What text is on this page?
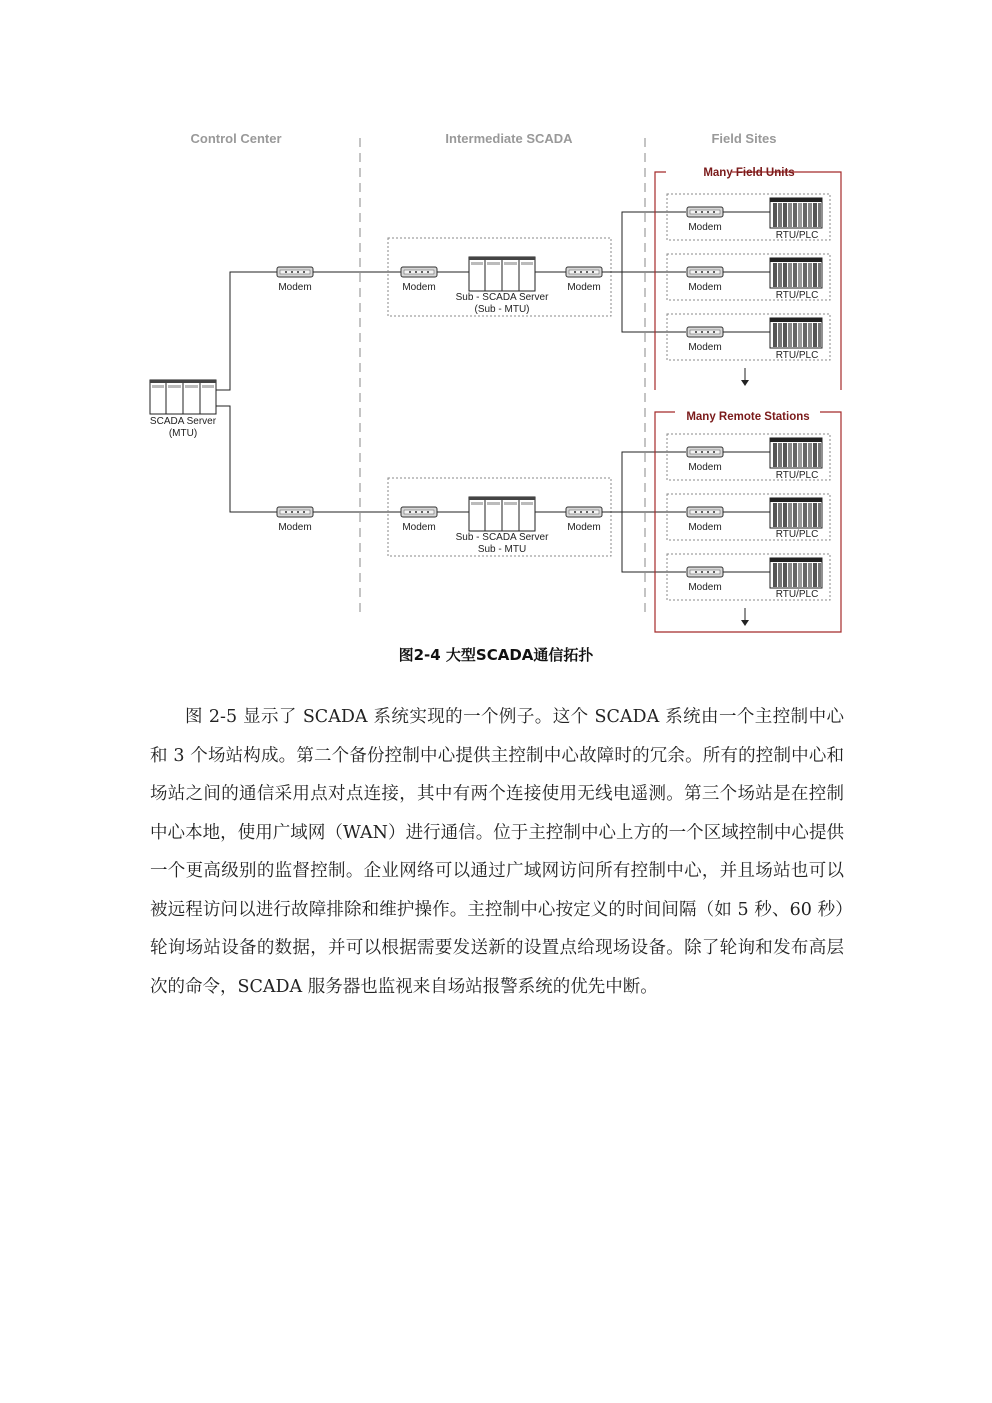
Control Center	Intermediate SCADA	Field Sites
SCADA Server
(MTU)
Modem	Modem
Sub - SCADA Server
(Sub - MTU)
Modem
Modem	Modem
Sub - SCADA Server
Sub - MTU
Modem
Many Field Units
Many Remote Stations
Modem
RTU/PLC
Modem
RTU/PLC
Modem
RTU/PLC
Modem
RTU/PLC
Modem
RTU/PLC
Modem
RTU/PLC
图2-4 大型SCADA通信拓扑

图 2-5 显示了 SCADA 系统实现的一个例子。这个 SCADA 系统由一个主控制中心和 3 个场站构成。第二个备份控制中心提供主控制中心故障时的冗余。所有的控制中心和场站之间的通信采用点对点连接，其中有两个连接使用无线电遥测。第三个场站是在控制中心本地，使用广域网（WAN）进行通信。位于主控制中心上方的一个区域控制中心提供一个更高级别的监督控制。企业网络可以通过广域网访问所有控制中心，并且场站也可以被远程访问以进行故障排除和维护操作。主控制中心按定义的时间间隔（如 5 秒、60 秒）轮询场站设备的数据，并可以根据需要发送新的设置点给现场设备。除了轮询和发布高层次的命令，SCADA 服务器也监视来自场站报警系统的优先中断。
